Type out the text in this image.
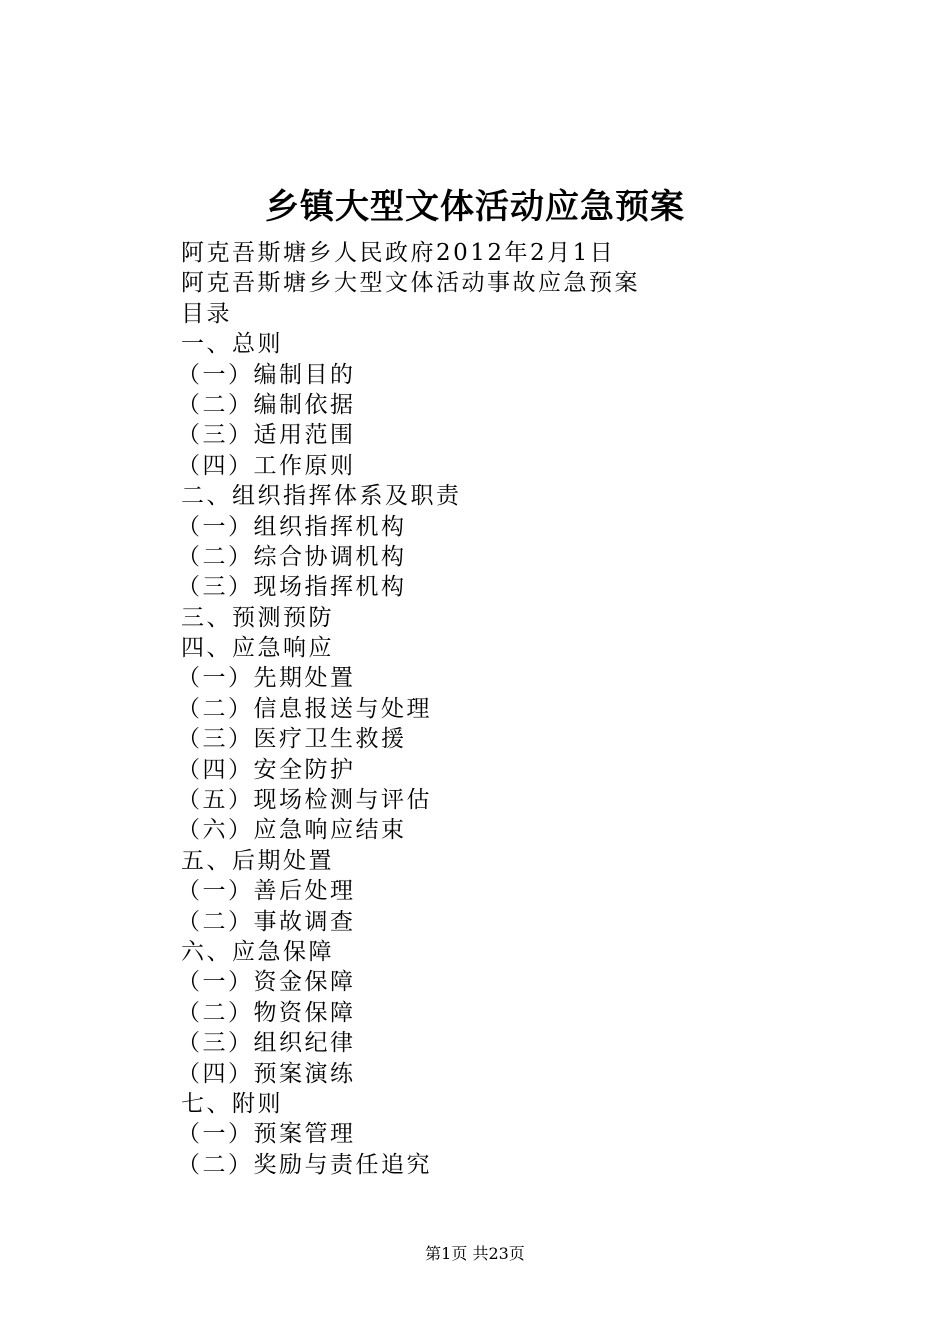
乡镇大型文体活动应急预案
阿克吾斯塘乡人民政府2012年2月1日
阿克吾斯塘乡大型文体活动事故应急预案
目录
一、总则
（一）编制目的
（二）编制依据
（三）适用范围
（四）工作原则
二、组织指挥体系及职责
（一）组织指挥机构
（二）综合协调机构
（三）现场指挥机构
三、预测预防
四、应急响应
（一）先期处置
（二）信息报送与处理
（三）医疗卫生救援
（四）安全防护
（五）现场检测与评估
（六）应急响应结束
五、后期处置
（一）善后处理
（二）事故调查
六、应急保障
（一）资金保障
（二）物资保障
（三）组织纪律
（四）预案演练
七、附则
（一）预案管理
（二）奖励与责任追究
第1页 共23页
